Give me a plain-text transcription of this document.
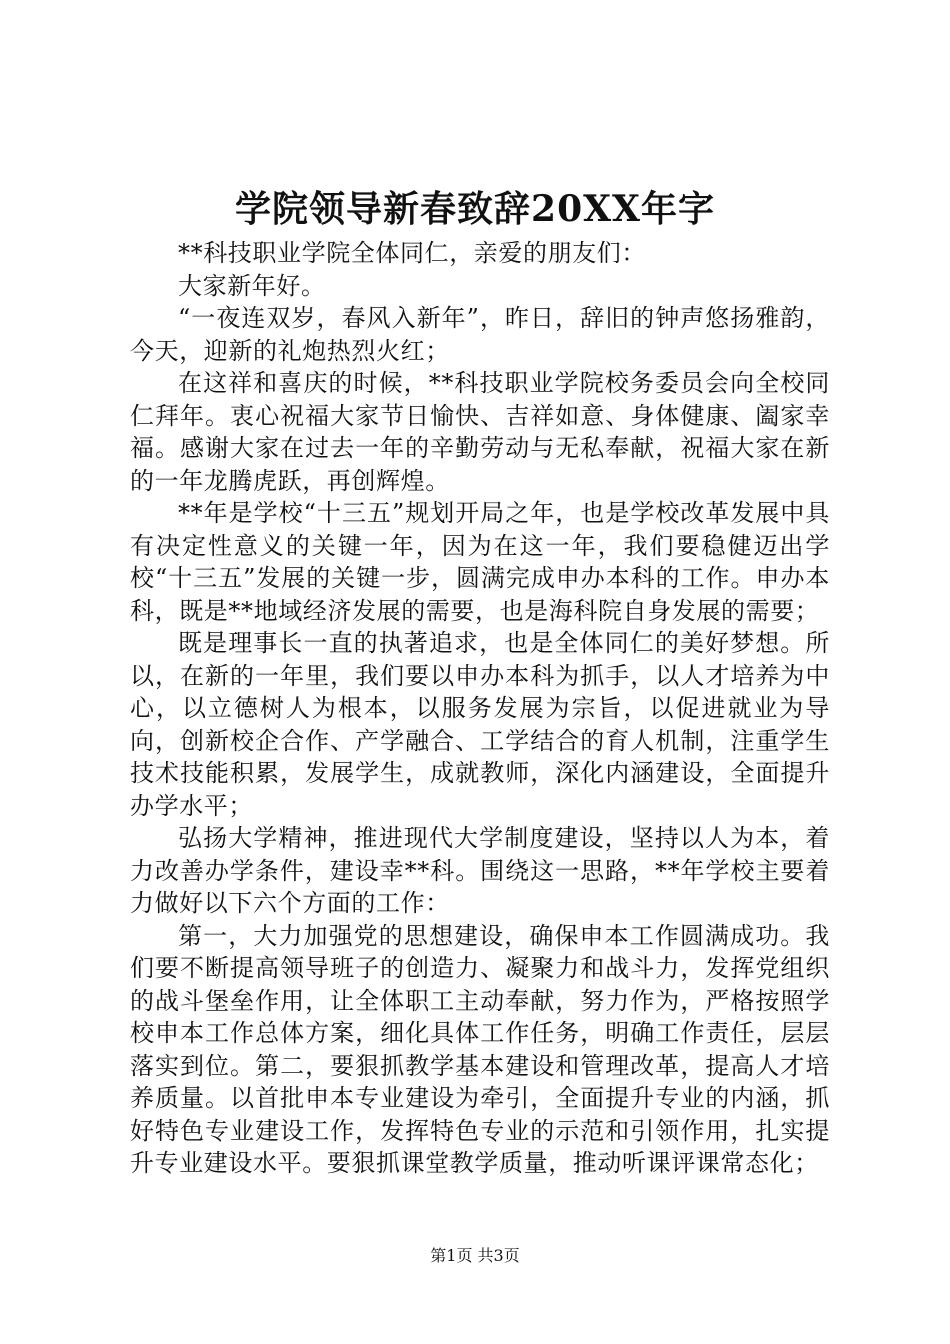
学院领导新春致辞20XX年字

**科技职业学院全体同仁，亲爱的朋友们：

大家新年好。

“一夜连双岁，春风入新年”，昨日，辞旧的钟声悠扬雅韵，今天，迎新的礼炮热烈火红；

在这祥和喜庆的时候，**科技职业学院校务委员会向全校同仁拜年。衷心祝福大家节日愉快、吉祥如意、身体健康、阖家幸福。感谢大家在过去一年的辛勤劳动与无私奉献，祝福大家在新的一年龙腾虎跃，再创辉煌。

**年是学校“十三五”规划开局之年，也是学校改革发展中具有决定性意义的关键一年，因为在这一年，我们要稳健迈出学校“十三五”发展的关键一步，圆满完成申办本科的工作。申办本科，既是**地域经济发展的需要，也是海科院自身发展的需要；

既是理事长一直的执著追求，也是全体同仁的美好梦想。所以，在新的一年里，我们要以申办本科为抓手，以人才培养为中心，以立德树人为根本，以服务发展为宗旨，以促进就业为导向，创新校企合作、产学融合、工学结合的育人机制，注重学生技术技能积累，发展学生，成就教师，深化内涵建设，全面提升办学水平；

弘扬大学精神，推进现代大学制度建设，坚持以人为本，着力改善办学条件，建设幸**科。围绕这一思路，**年学校主要着力做好以下六个方面的工作：

第一，大力加强党的思想建设，确保申本工作圆满成功。我们要不断提高领导班子的创造力、凝聚力和战斗力，发挥党组织的战斗堡垒作用，让全体职工主动奉献，努力作为，严格按照学校申本工作总体方案，细化具体工作任务，明确工作责任，层层落实到位。第二，要狠抓教学基本建设和管理改革，提高人才培养质量。以首批申本专业建设为牵引，全面提升专业的内涵，抓好特色专业建设工作，发挥特色专业的示范和引领作用，扎实提升专业建设水平。要狠抓课堂教学质量，推动听课评课常态化；

第1页 共3页
